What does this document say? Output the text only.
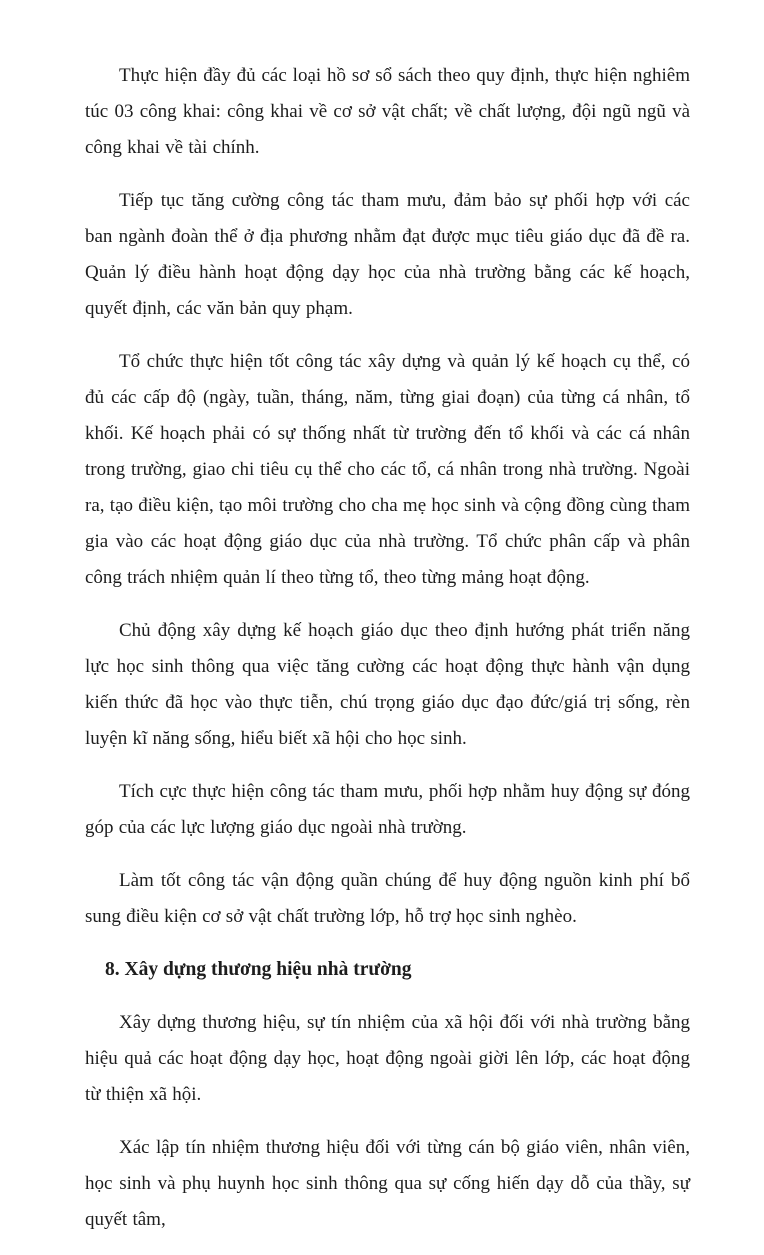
Thực hiện đầy đủ các loại hồ sơ sổ sách theo quy định, thực hiện nghiêm túc 03 công khai: công khai về cơ sở vật chất; về chất lượng, đội ngũ ngũ và công khai về tài chính.

Tiếp tục tăng cường công tác tham mưu, đảm bảo sự phối hợp với các ban ngành đoàn thể ở địa phương nhằm đạt được mục tiêu giáo dục đã đề ra. Quản lý điều hành hoạt động dạy học của nhà trường bằng các kế hoạch, quyết định, các văn bản quy phạm.

Tổ chức thực hiện tốt công tác xây dựng và quản lý kế hoạch cụ thể, có đủ các cấp độ (ngày, tuần, tháng, năm, từng giai đoạn) của từng cá nhân, tổ khối. Kế hoạch phải có sự thống nhất từ trường đến tổ khối và các cá nhân trong trường, giao chi tiêu cụ thể cho các tổ, cá nhân trong nhà trường. Ngoài ra, tạo điều kiện, tạo môi trường cho cha mẹ học sinh và cộng đồng cùng tham gia vào các hoạt động giáo dục của nhà trường. Tổ chức phân cấp và phân công trách nhiệm quản lí theo từng tổ, theo từng mảng hoạt động.

Chủ động xây dựng kế hoạch giáo dục theo định hướng phát triển năng lực học sinh thông qua việc tăng cường các hoạt động thực hành vận dụng kiến thức đã học vào thực tiễn, chú trọng giáo dục đạo đức/giá trị sống, rèn luyện kĩ năng sống, hiểu biết xã hội cho học sinh.

Tích cực thực hiện công tác tham mưu, phối hợp nhằm huy động sự đóng góp của các lực lượng giáo dục ngoài nhà trường.

Làm tốt công tác vận động quần chúng để huy động nguồn kinh phí bổ sung điều kiện cơ sở vật chất trường lớp, hỗ trợ học sinh nghèo.

8. Xây dựng thương hiệu nhà trường

Xây dựng thương hiệu, sự tín nhiệm của xã hội đối với nhà trường bằng hiệu quả các hoạt động dạy học, hoạt động ngoài giời lên lớp, các hoạt động từ thiện xã hội.

Xác lập tín nhiệm thương hiệu đối với từng cán bộ giáo viên, nhân viên, học sinh và phụ huynh học sinh thông qua sự cống hiến dạy dỗ của thầy, sự quyết tâm,
